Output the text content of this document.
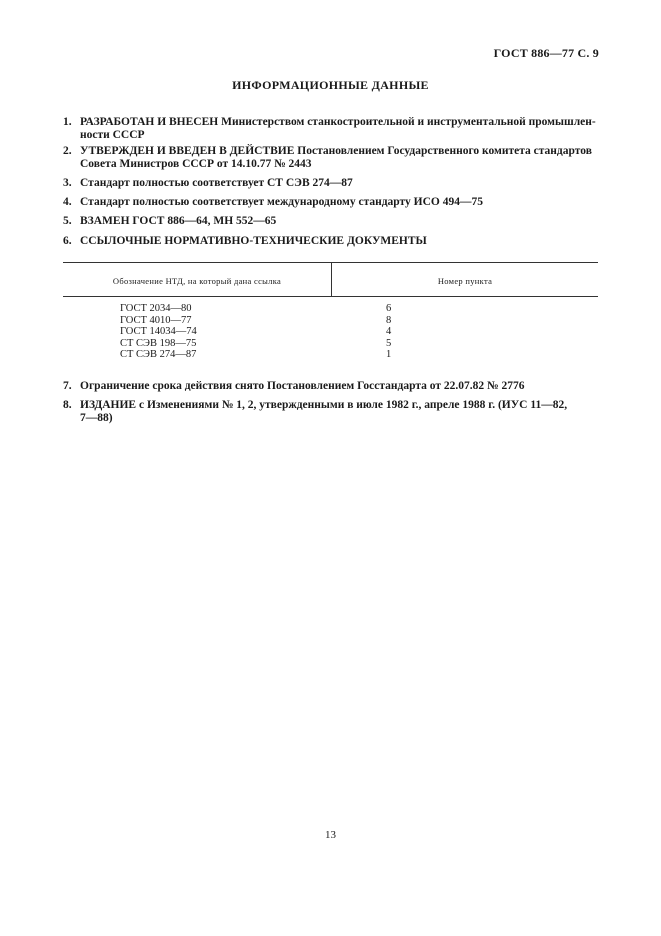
ГОСТ 886—77 С. 9
ИНФОРМАЦИОННЫЕ ДАННЫЕ
1. РАЗРАБОТАН И ВНЕСЕН Министерством станкостроительной и инструментальной промышлен-
ности СССР
2. УТВЕРЖДЕН И ВВЕДЕН В ДЕЙСТВИЕ Постановлением Государственного комитета стандартов
Совета Министров СССР от 14.10.77 № 2443
3. Стандарт полностью соответствует СТ СЭВ 274—87
4. Стандарт полностью соответствует международному стандарту ИСО 494—75
5. ВЗАМЕН ГОСТ 886—64, МН 552—65
6. ССЫЛОЧНЫЕ НОРМАТИВНО-ТЕХНИЧЕСКИЕ ДОКУМЕНТЫ
Обозначение НТД, на который дана ссылка	Номер пункта
ГОСТ 2034—80
ГОСТ 4010—77
ГОСТ 14034—74
СТ СЭВ 198—75
СТ СЭВ 274—87
6
8
4
5
1
7. Ограничение срока действия снято Постановлением Госстандарта от 22.07.82 № 2776
8. ИЗДАНИЕ с Изменениями № 1, 2, утвержденными в июле 1982 г., апреле 1988 г. (ИУС 11—82,
7—88)
13
